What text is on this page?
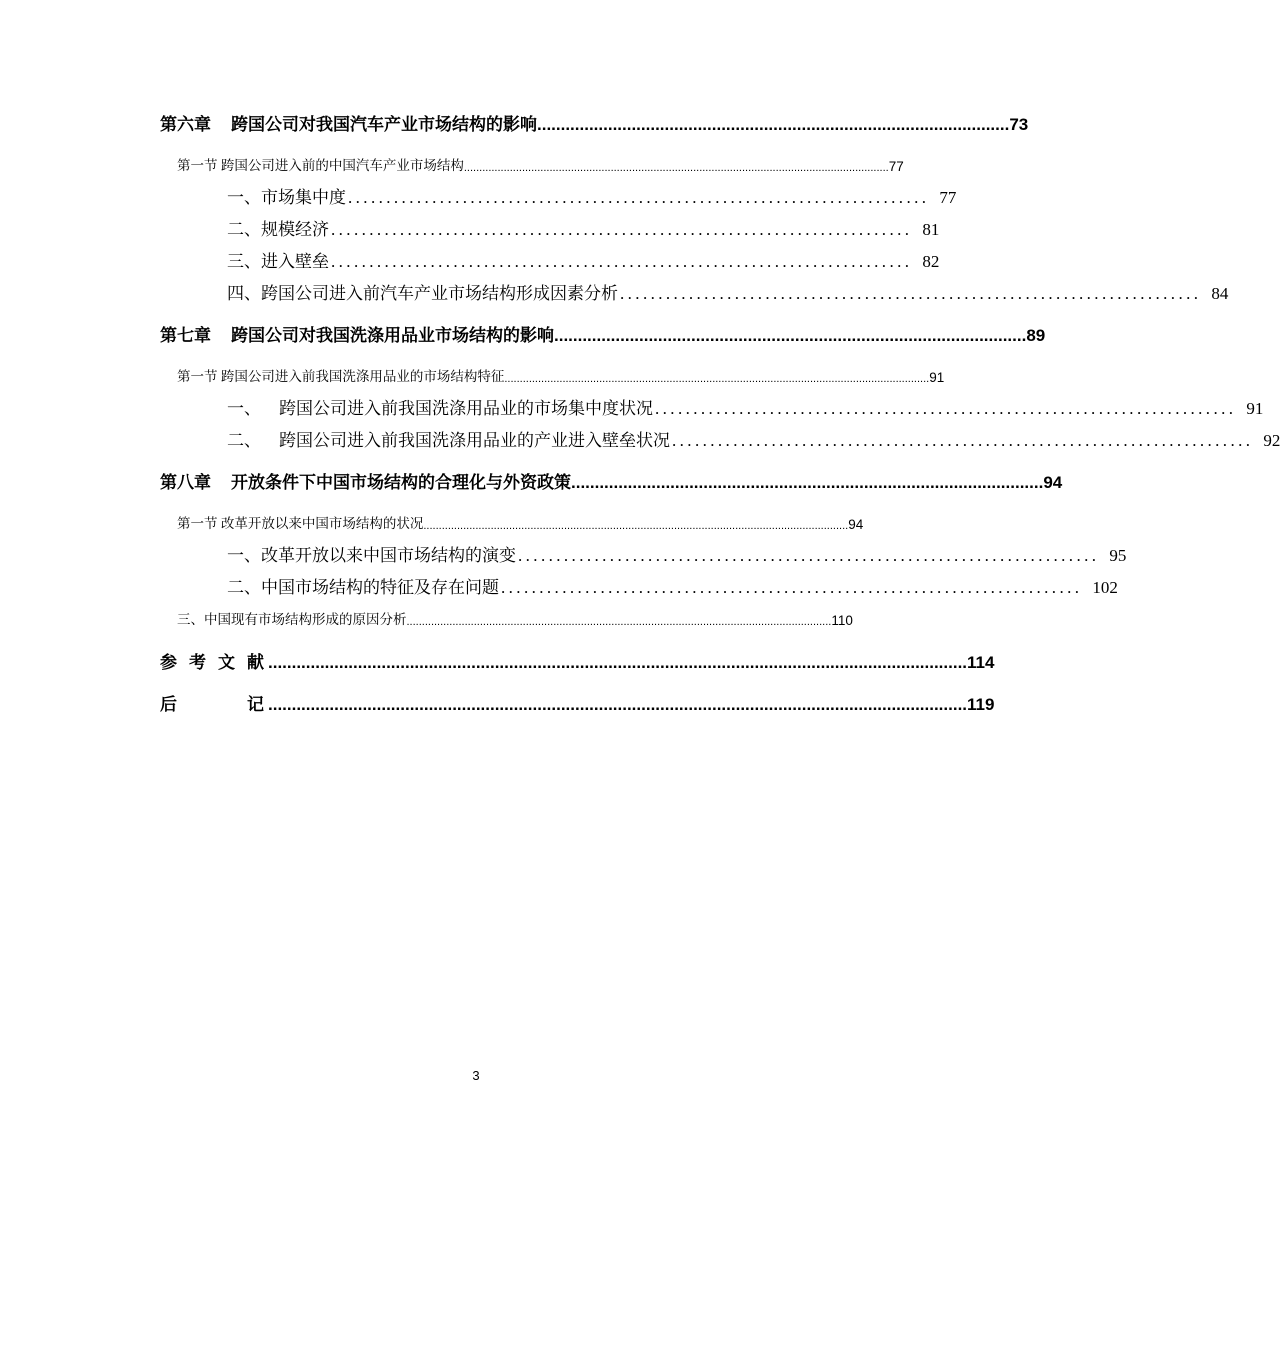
第六章 跨国公司对我国汽车产业市场结构的影响 .................................................................................................... 73
第一节 跨国公司进入前的中国汽车产业市场结构 ........................................................................................................................................... 77
一、市场集中度 ............................................................................ 77
二、规模经济 ............................................................................ 81
三、进入壁垒 ............................................................................ 82
四、跨国公司进入前汽车产业市场结构形成因素分析 ............................................................................ 84
第七章 跨国公司对我国洗涤用品业市场结构的影响 .................................................................................................... 89
第一节 跨国公司进入前我国洗涤用品业的市场结构特征 ........................................................................................................................................... 91
一、 跨国公司进入前我国洗涤用品业的市场集中度状况 ............................................................................ 91
二、 跨国公司进入前我国洗涤用品业的产业进入壁垒状况 ............................................................................ 92
第八章 开放条件下中国市场结构的合理化与外资政策 .................................................................................................... 94
第一节 改革开放以来中国市场结构的状况 ........................................................................................................................................... 94
一、改革开放以来中国市场结构的演变 ............................................................................ 95
二、中国市场结构的特征及存在问题 ............................................................................ 102
三、中国现有市场结构形成的原因分析 ........................................................................................................................................... 110
参 考 文 献 .................................................................................................................................................... 114
后	记 .................................................................................................................................................... 119
3
